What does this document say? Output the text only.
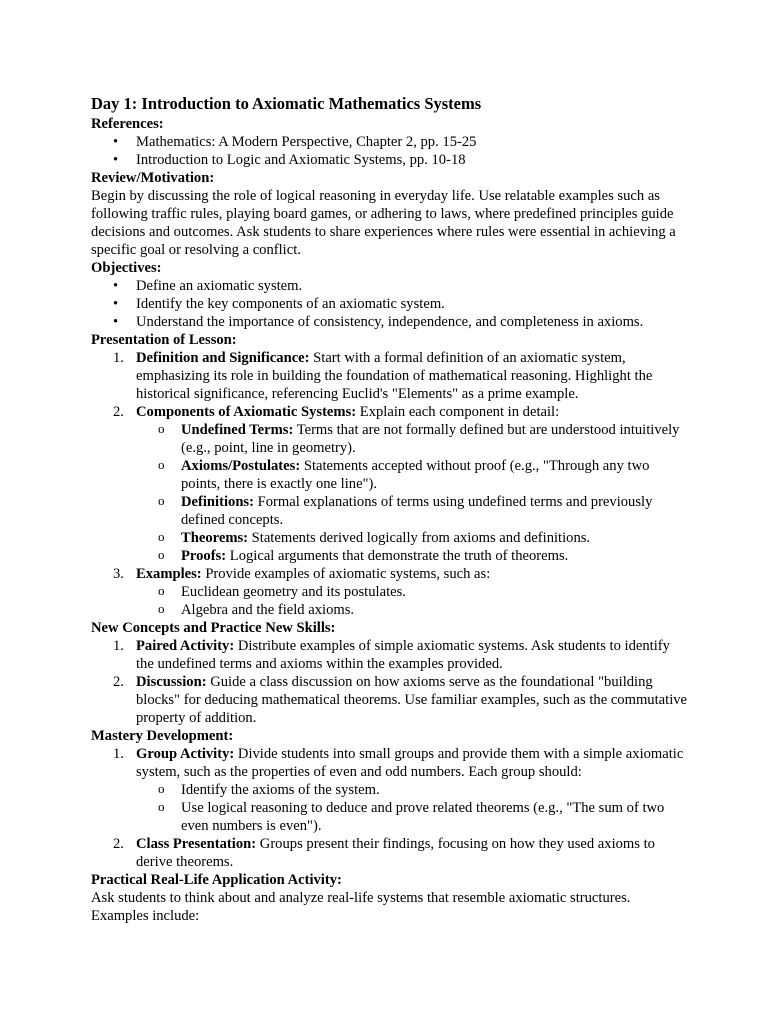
Day 1: Introduction to Axiomatic Mathematics Systems
References:
• Mathematics: A Modern Perspective, Chapter 2, pp. 15-25
• Introduction to Logic and Axiomatic Systems, pp. 10-18
Review/Motivation:

Begin by discussing the role of logical reasoning in everyday life. Use relatable examples such as following traffic rules, playing board games, or adhering to laws, where predefined principles guide decisions and outcomes. Ask students to share experiences where rules were essential in achieving a specific goal or resolving a conflict.

Objectives:
• Define an axiomatic system.
• Identify the key components of an axiomatic system.
• Understand the importance of consistency, independence, and completeness in axioms.
Presentation of Lesson:
1. Definition and Significance: Start with a formal definition of an axiomatic system, emphasizing its role in building the foundation of mathematical reasoning. Highlight the historical significance, referencing Euclid's "Elements" as a prime example.
2. Components of Axiomatic Systems: Explain each component in detail:
o Undefined Terms: Terms that are not formally defined but are understood intuitively (e.g., point, line in geometry).
o Axioms/Postulates: Statements accepted without proof (e.g., "Through any two points, there is exactly one line").
o Definitions: Formal explanations of terms using undefined terms and previously defined concepts.
o Theorems: Statements derived logically from axioms and definitions.
o Proofs: Logical arguments that demonstrate the truth of theorems.
3. Examples: Provide examples of axiomatic systems, such as:
o Euclidean geometry and its postulates.
o Algebra and the field axioms.
New Concepts and Practice New Skills:
1. Paired Activity: Distribute examples of simple axiomatic systems. Ask students to identify the undefined terms and axioms within the examples provided.
2. Discussion: Guide a class discussion on how axioms serve as the foundational "building blocks" for deducing mathematical theorems. Use familiar examples, such as the commutative property of addition.
Mastery Development:
1. Group Activity: Divide students into small groups and provide them with a simple axiomatic system, such as the properties of even and odd numbers. Each group should:
o Identify the axioms of the system.
o Use logical reasoning to deduce and prove related theorems (e.g., "The sum of two even numbers is even").
2. Class Presentation: Groups present their findings, focusing on how they used axioms to derive theorems.
Practical Real-Life Application Activity:

Ask students to think about and analyze real-life systems that resemble axiomatic structures. Examples include:
